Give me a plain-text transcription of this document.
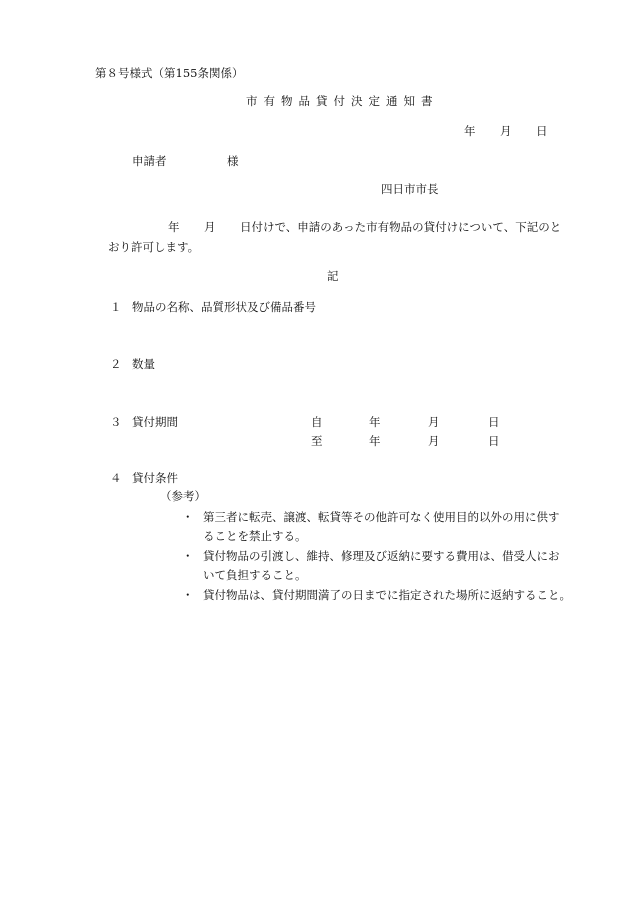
第８号様式（第155条関係）
市有物品貸付決定通知書
年 月 日
申請者	様
四日市市長
年 月 日付けで、申請のあった市有物品の貸付けについて、下記のと
おり許可します。
記
１ 物品の名称、品質形状及び備品番号
２ 数量
３ 貸付期間	自	年	月	日
至	年	月	日
４ 貸付条件
（参考）
・ 第三者に転売、譲渡、転貸等その他許可なく使用目的以外の用に供す
ることを禁止する。
・ 貸付物品の引渡し、維持、修理及び返納に要する費用は、借受人にお
いて負担すること。
・ 貸付物品は、貸付期間満了の日までに指定された場所に返納すること。
